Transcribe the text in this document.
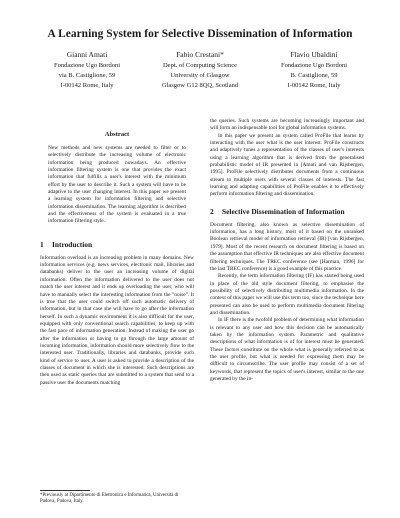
A Learning System for Selective Dissemination of Information
Gianni Amati
Fondazione Ugo Bordoni
via B. Castiglione, 59
I-00142 Rome, Italy
Fabio Crestani*
Dept. of Computing Science
University of Glasgow
Glasgow G12 8QQ, Scotland
Flavio Ubaldini
Fondazione Ugo Bordoni
B. Castiglione, 59
I-00142 Rome, Italy
Abstract

New methods and new systems are needed to filter or to selectively distribute the increasing volume of electronic information being produced nowadays. An effective information filtering system is one that provides the exact information that fulfills a user's interest with the minimum effort by the user to describe it. Such a system will have to be adaptive to the user changing interest. In this paper we present a learning system for information filtering and selective information dissemination. The learning algorithm is described and the effectiveness of the system is evaluated in a true information filtering style.

1	Introduction

Information overload is an increasing problem in many domains. New information services (e.g. news services, electronic mail, libraries and databanks) deliver to the user an increasing volume of digital information. Often the information delivered to the user does not match the user interest and it ends up overloading the user, who will have to manually select the interesting information from the "noise". It is true that the user could switch off such automatic delivery of information, but in that case she will have to go after the information herself. In such a dynamic environment it is also difficult for the user, equipped with only conventional search capabilities, to keep up with the fast pace of information generation. Instead of making the user go after the information or having to go through the large amount of incoming information, information should more selectively flow to the interested user. Traditionally, libraries and databanks, provide such kind of service to user. A user is asked to provide a description of the classes of document in which she is interested. Such descriptions are then used as static queries that are submitted to a system that send to a passive user the documents matching

the queries. Such systems are becoming increasingly important and will form an indispensable tool for global information systems.

In this paper we present an system called ProFile that learns by interacting with the user what is the user interest. ProFile constructs and adaptively tunes a representation of the classes of user's interests using a learning algorithm that is derived from the generalised probabilistic model of IR presented in [Amati and van Rijsbergen, 1995]. ProFile selectively distributes documents from a continuous stream to multiple users with several classes of interests. The fast learning and adapting capabilities of ProFile enables it to effectively perform information filtering and dissemination.

2	Selective Dissemination of Information

Document filtering, also known as selective dissemination of information, has a long history, most of it based on the unranked Boolean retrieval model of information retrieval (IR) [van Rijsbergen, 1979]. Most of the recent research on document filtering is based on the assumption that effective IR techniques are also effective document filtering techniques. The TREC conference (see [Harman, 1996] for the last TREC conference) is a good example of this practice.

Recently, the term information filtering (IF) has started being used in place of the old style document filtering, to emphasise the possibility of selectively distributing multimedia information. In the context of this paper we will use this term too, since the technique here presented can also be used to perform multimedia document filtering and dissemination.

In IF there is the twofold problem of determining what information is relevant to any user and how this decision can be automatically taken by the information system. Parametric and qualitative descriptions of what information is of for interest must be generated. These factors constitute on the whole what is generally referred to as the user profile, but what is needed for expressing them may be difficult to circumscribe. The user profile may consist of a set of keywords, that represent the topics of user's interest, similar to the one generated by the in-

*Previously at Dipartimento di Elettronica e Informatica, Università di Padova, Padova, Italy.
